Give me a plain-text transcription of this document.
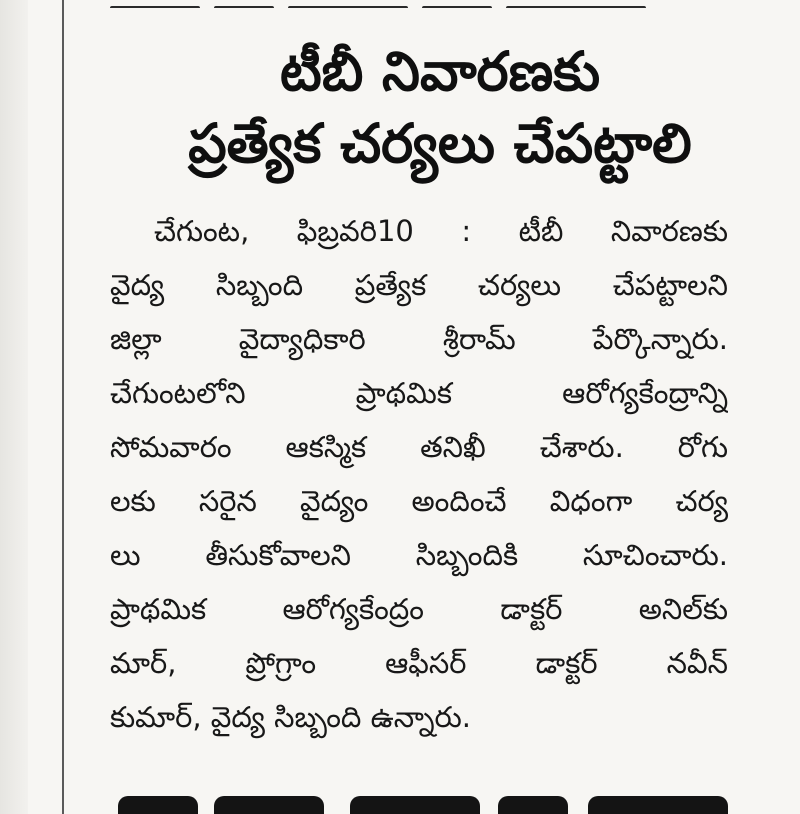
టీబీ నివారణకు
ప్రత్యేక చర్యలు చేపట్టాలి
చేగుంట, ఫిబ్రవరి10 : టీబీ నివారణకు
వైద్య సిబ్బంది ప్రత్యేక చర్యలు చేపట్టాలని
జిల్లా వైద్యాధికారి శ్రీరామ్ పేర్కొన్నారు.
చేగుంటలోని ప్రాథమిక ఆరోగ్యకేంద్రాన్ని
సోమవారం ఆకస్మిక తనిఖీ చేశారు. రోగు
లకు సరైన వైద్యం అందించే విధంగా చర్య
లు తీసుకోవాలని సిబ్బందికి సూచించారు.
ప్రాథమిక ఆరోగ్యకేంద్రం డాక్టర్ అనిల్‌కు
మార్, ప్రోగ్రాం ఆఫీసర్ డాక్టర్ నవీన్
కుమార్, వైద్య సిబ్బంది ఉన్నారు.
